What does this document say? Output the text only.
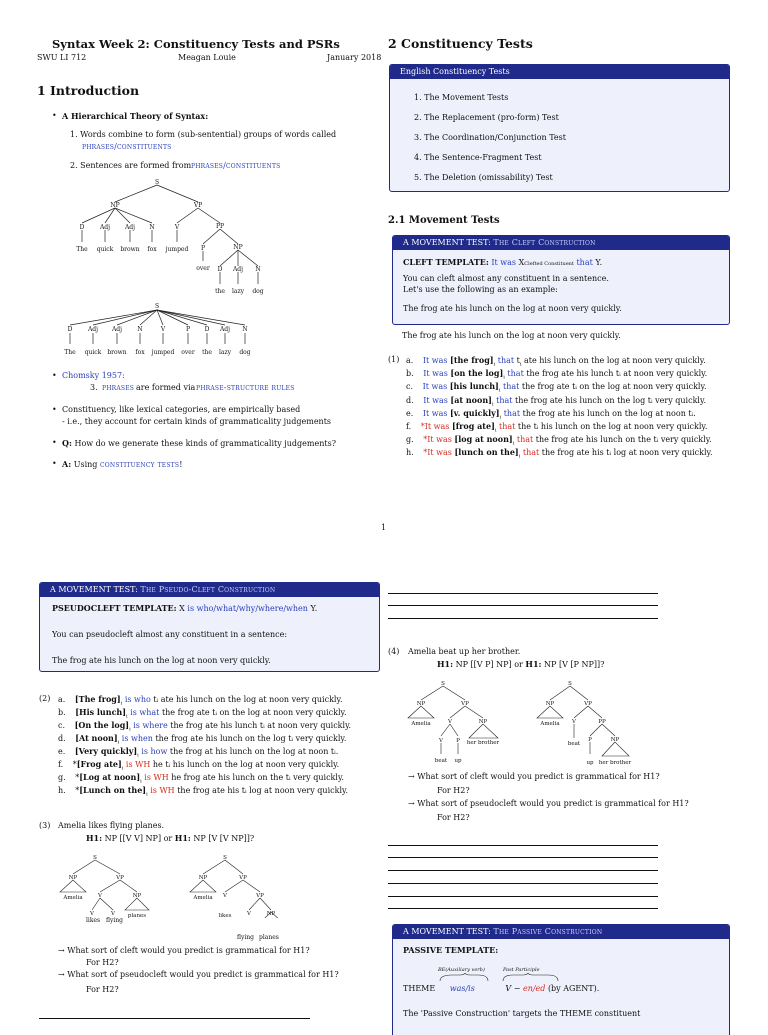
Syntax Week 2: Constituency Tests and PSRs
SWU LI 712	Meagan Louie	January 2018
1 Introduction
• A Hierarchical Theory of Syntax:
1. Words combine to form (sub-sentential) groups of words called
phrases/constituents
2. Sentences are formed from phrases/constituents
S
NP	VP
D	Adj Adj N	V	PP
P	NP
D Adj N
The quick brown fox jumped
over
the lazy dog
S
D	Adj Adj	N	V	P D Adj N
The quick brown fox jumped over the lazy dog
• Chomsky 1957:
3. phrases are formed via phrase-structure rules
• Constituency, like lexical categories, are empirically based
- i.e., they account for certain kinds of grammaticality judgements
• Q: How do we generate these kinds of grammaticality judgements?
• A: Using constituency tests!
2 Constituency Tests
English Constituency Tests
1. The Movement Tests
2. The Replacement (pro-form) Test
3. The Coordination/Conjunction Test
4. The Sentence-Fragment Test
5. The Deletion (omissability) Test
2.1 Movement Tests
A MOVEMENT TEST: The Cleft Construction
CLEFT TEMPLATE: It was XClefted Constituent that Y.
You can cleft almost any constituent in a sentence.
Let's use the following as an example:
The frog ate his lunch on the log at noon very quickly.
The frog ate his lunch on the log at noon very quickly.
(1) a. It was [the $frog]_i$ that $t_i$ ate his lunch on the log at noon very quickly.
b. It was [on the $\log]_i$ that the frog ate his lunch tᵢ at noon very quickly.
c. It was [his $lunch]_i$ that the frog ate tᵢ on the log at noon very quickly.
d. It was [at $noon]_i$ that the frog ate his lunch on the log tᵢ very quickly.
e. It was [v. $quickly]_i$ that the frog ate his lunch on the log at noon tᵢ.
f. *It was [frog $ate]_i$ that the tᵢ his lunch on the log at noon very quickly.
g. *It was [log at $noon]_i$ that the frog ate his lunch on the tᵢ very quickly.
h. *It was [lunch on $the]_i$ that the frog ate his tᵢ log at noon very quickly.
1
A MOVEMENT TEST: The Pseudo-Cleft Construction
PSEUDOCLEFT TEMPLATE: X is who/what/why/where/when Y.
You can pseudocleft almost any constituent in a sentence:
The frog ate his lunch on the log at noon very quickly.
(2) a. [The $frog]_i$ is who tᵢ ate his lunch on the log at noon very quickly.
b. [His $lunch]_i$ is what the frog ate tᵢ on the log at noon very quickly.
c. [On the $\log]_i$ is where the frog ate his lunch tᵢ at noon very quickly.
d. [At $noon]_i$ is when the frog ate his lunch on the log tᵢ very quickly.
e. [Very $quickly]_i$ is how the frog at his lunch on the log at noon tᵢ.
f. *[Frog $ate]_i$ is WH he tᵢ his lunch on the log at noon very quickly.
g. *[Log at $noon]_i$ is WH he frog ate his lunch on the tᵢ very quickly.
h. *[Lunch on $the]_i$ is WH the frog ate his tᵢ log at noon very quickly.
(3) Amelia likes flying planes.
H1: NP [[V V] NP] or H1: NP [V [V NP]]?
S
NP	VP
Amelia	V	NP
V	V planes
likes flying
S
NP	VP
Amelia V	VP
likes	V	NP
flying planes
→ What sort of cleft would you predict is grammatical for H1?
For H2?
→ What sort of pseudocleft would you predict is grammatical for H1?
For H2?
(4) Amelia beat up her brother.
H1: NP [[V P] NP] or H1: NP [V [P NP]]?
S
NP	VP
Amelia	V	NP
V P her brother
beat up
S
NP	VP
Amelia V	PP
beat
P	NP
up her brother
→ What sort of cleft would you predict is grammatical for H1?
For H2?
→ What sort of pseudocleft would you predict is grammatical for H1?
For H2?
A MOVEMENT TEST: The Passive Construction
PASSIVE TEMPLATE:
BE(Auxiliary verb)	Past Participle
THEME was/is	V − en/ed (by AGENT).
The 'Passive Construction' targets the THEME constituent
